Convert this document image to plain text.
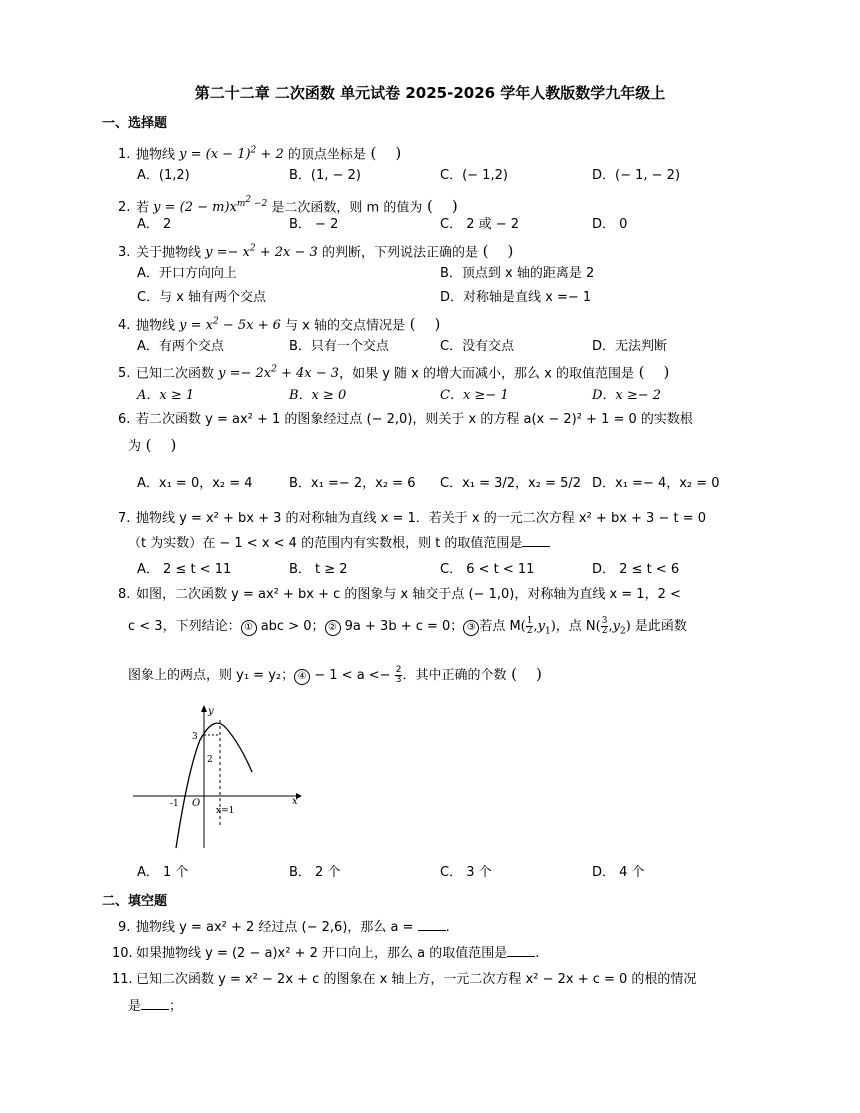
第二十二章 二次函数 单元试卷 2025-2026 学年人教版数学九年级上
一、选择题
1. 抛物线 $y = (x - 1)^2 + 2$ 的顶点坐标是 (    )
A．(1,2)	B．(1, − 2)	C．(− 1,2)	D．(− 1, − 2)
2. 若 $y = (2 - m)x^{m^2 -2}$ 是二次函数，则 m 的值为 (    )
A． 2	B． − 2	C． 2 或 − 2	D． 0
3. 关于抛物线 $y =- x^2 + 2x - 3$ 的判断，下列说法正确的是 (    )
A．开口方向向上	B．顶点到 x 轴的距离是 2
C．与 x 轴有两个交点	D．对称轴是直线 x =− 1
4. 抛物线 $y = x^2 - 5x + 6$ 与 x 轴的交点情况是 (    )
A．有两个交点	B．只有一个交点	C．没有交点	D．无法判断
5. 已知二次函数 $y =- 2x^2 + 4x - 3$，如果 y 随 x 的增大而减小，那么 x 的取值范围是 (    )
A．x ≥ 1	B．x ≥ 0	C．x ≥− 1	D．x ≥− 2
6. 若二次函数 y = ax² + 1 的图象经过点 (− 2,0)，则关于 x 的方程 a(x − 2)² + 1 = 0 的实数根
为 (    )
A．x₁ = 0，x₂ = 4	B．x₁ =− 2，x₂ = 6 C．x₁ = 3/2，x₂ = 5/2 D．x₁ =− 4，x₂ = 0
7. 抛物线 y = x² + bx + 3 的对称轴为直线 x = 1．若关于 x 的一元二次方程 x² + bx + 3 − t = 0
（t 为实数）在 − 1 < x < 4 的范围内有实数根，则 t 的取值范围是
A． 2 ≤ t < 11	B． t ≥ 2	C． 6 < t < 11	D． 2 ≤ t < 6
8. 如图，二次函数 y = ax² + bx + c 的图象与 x 轴交于点 (− 1,0)，对称轴为直线 x = 1，2 <
c < 3，下列结论： ① abc > 0； ② 9a + 3b + c = 0； ③ 若点 $M( \frac{1}{2} ,y_1)$，点 $N( \frac{3}{2} ,y_2)$ 是此函数
图象上的两点，则 y₁ = y₂； ④ − $1 < a <- \frac{2}{3}$ ．其中正确的个数 (    )
y
x
O
3
2
-1
x=1
A． 1 个	B． 2 个	C． 3 个	D． 4 个
二、填空题
9. 抛物线 y = ax² + 2 经过点 (− 2,6)，那么 a = .
10. 如果抛物线 y = (2 − a)x² + 2 开口向上，那么 a 的取值范围是 .
11. 已知二次函数 y = x² − 2x + c 的图象在 x 轴上方，一元二次方程 x² − 2x + c = 0 的根的情况
是 ；
